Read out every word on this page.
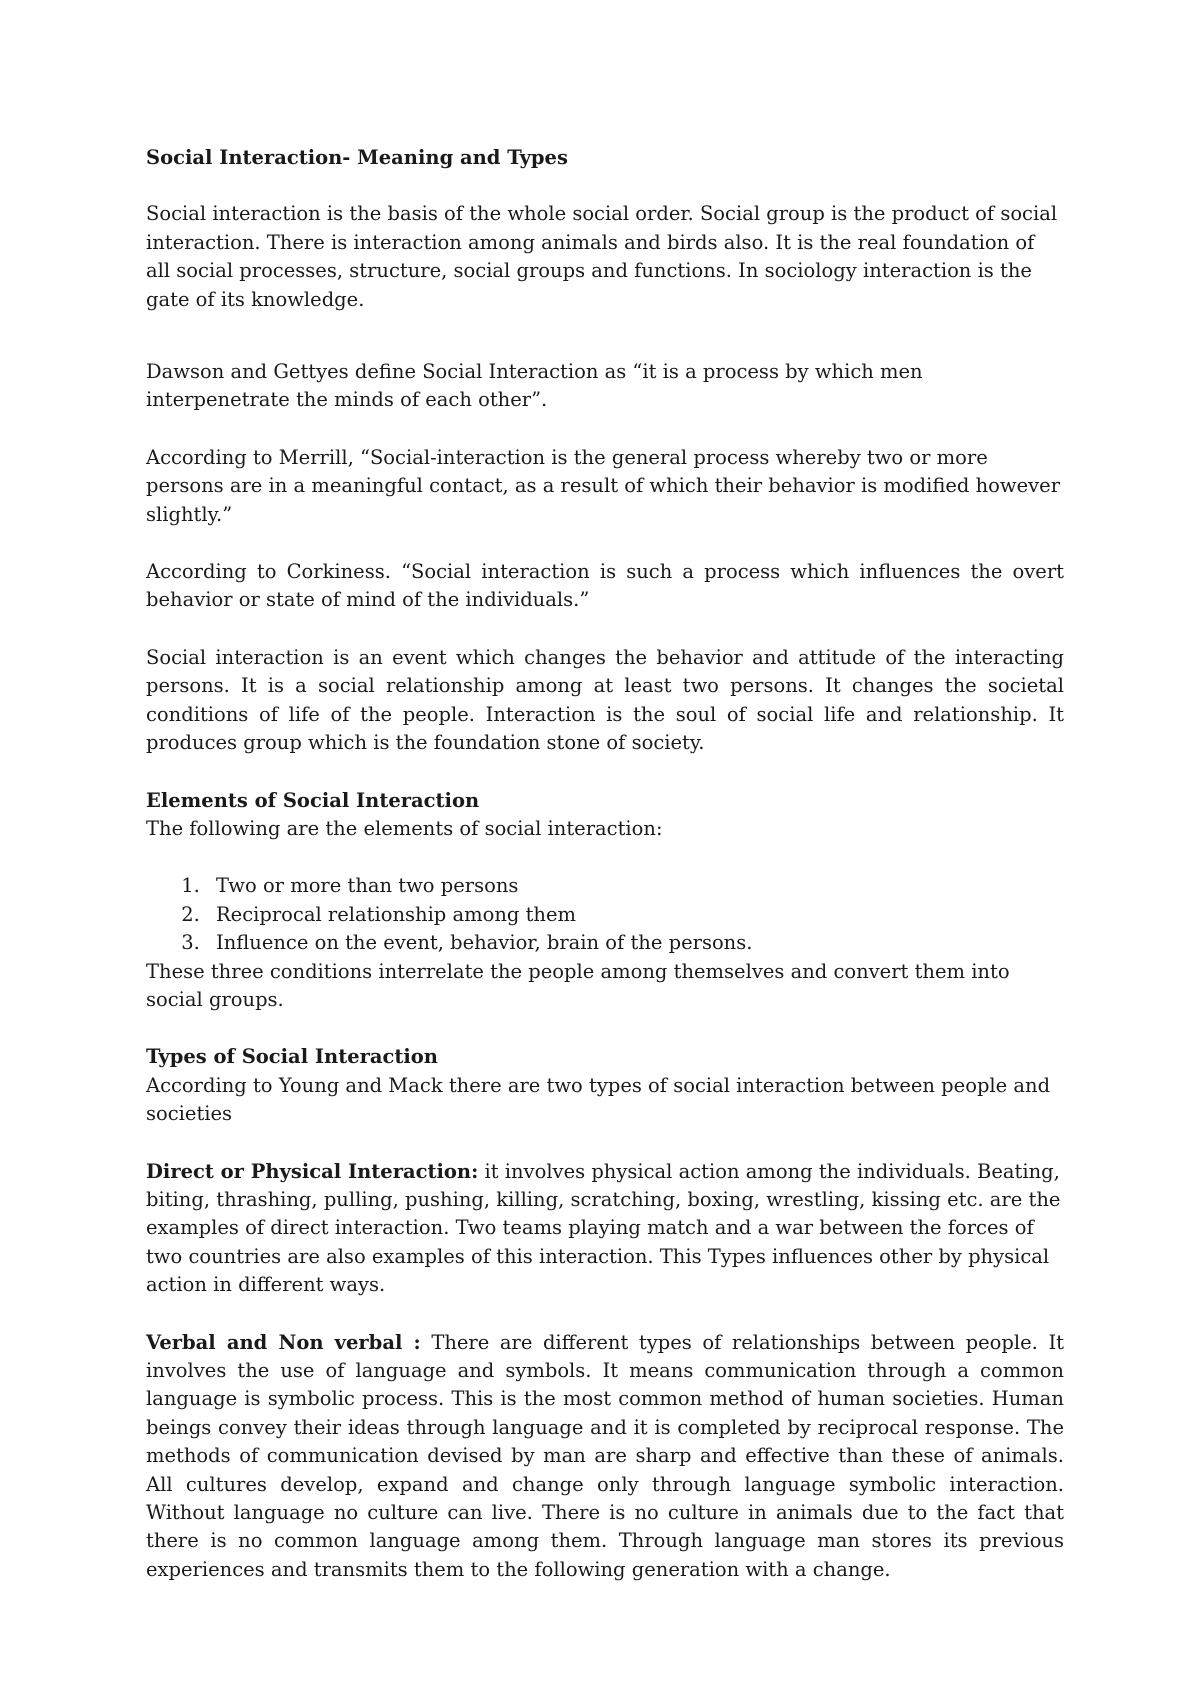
Social Interaction- Meaning and Types

Social interaction is the basis of the whole social order. Social group is the product of social interaction. There is interaction among animals and birds also. It is the real foundation of all social processes, structure, social groups and functions. In sociology interaction is the gate of its knowledge.

Dawson and Gettyes define Social Interaction as “it is a process by which men interpenetrate the minds of each other”.

According to Merrill, “Social-interaction is the general process whereby two or more persons are in a meaningful contact, as a result of which their behavior is modified however slightly.”

According to Corkiness. “Social interaction is such a process which influences the overt behavior or state of mind of the individuals.”

Social interaction is an event which changes the behavior and attitude of the interacting persons. It is a social relationship among at least two persons. It changes the societal conditions of life of the people. Interaction is the soul of social life and relationship. It produces group which is the foundation stone of society.

Elements of Social Interaction

The following are the elements of social interaction:

1. Two or more than two persons
2. Reciprocal relationship among them
3. Influence on the event, behavior, brain of the persons.

These three conditions interrelate the people among themselves and convert them into social groups.

Types of Social Interaction

According to Young and Mack there are two types of social interaction between people and societies

Direct or Physical Interaction: it involves physical action among the individuals. Beating, biting, thrashing, pulling, pushing, killing, scratching, boxing, wrestling, kissing etc. are the examples of direct interaction. Two teams playing match and a war between the forces of two countries are also examples of this interaction. This Types influences other by physical action in different ways.

Verbal and Non verbal : There are different types of relationships between people. It involves the use of language and symbols. It means communication through a common language is symbolic process. This is the most common method of human societies. Human beings convey their ideas through language and it is completed by reciprocal response. The methods of communication devised by man are sharp and effective than these of animals. All cultures develop, expand and change only through language symbolic interaction. Without language no culture can live. There is no culture in animals due to the fact that there is no common language among them. Through language man stores its previous experiences and transmits them to the following generation with a change.
